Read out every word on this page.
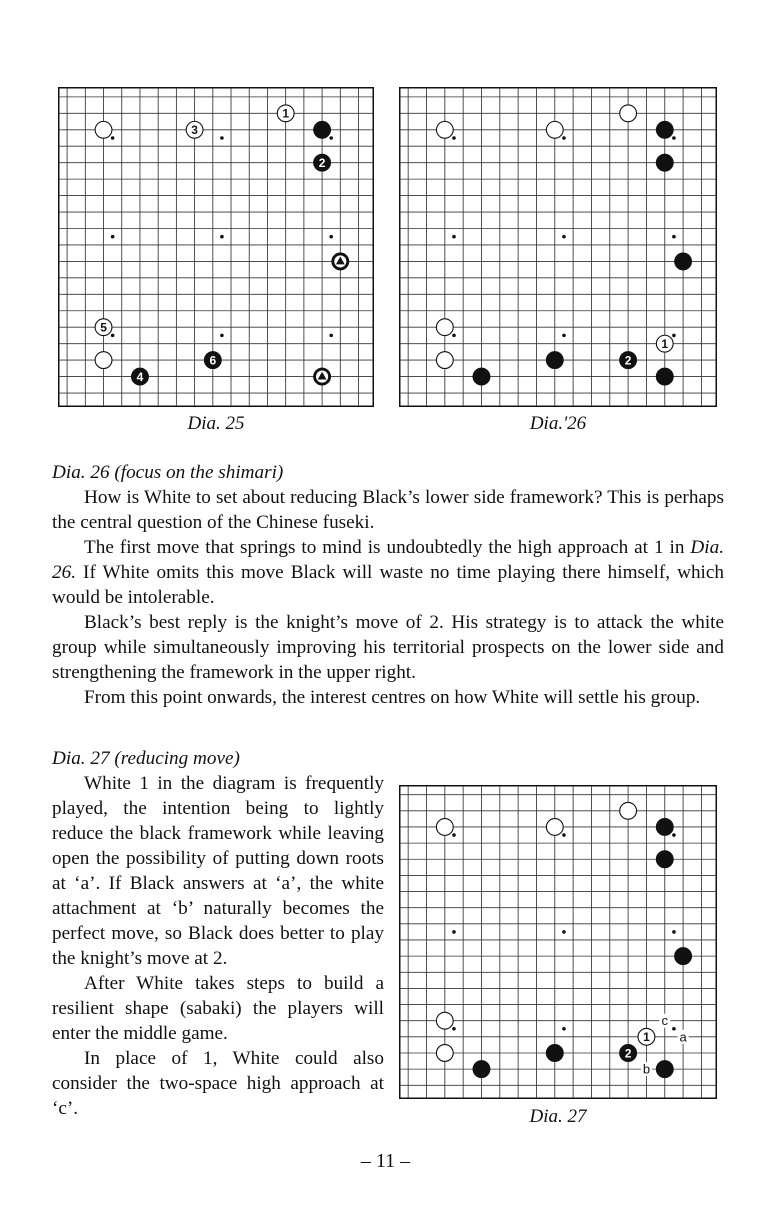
3
1
2
5
4
6
Dia. 25
2
1
Dia.'26

Dia. 26 (focus on the shimari)

How is White to set about reducing Black’s lower side framework? This is perhaps the central question of the Chinese fuseki.

The first move that springs to mind is undoubtedly the high approach at 1 in Dia. 26. If White omits this move Black will waste no time playing there himself, which would be intolerable.

Black’s best reply is the knight’s move of 2. His strategy is to attack the white group while simultaneously improving his territorial prospects on the lower side and strengthening the framework in the upper right.

From this point onwards, the interest centres on how White will settle his group.

Dia. 27 (reducing move)

White 1 in the diagram is frequently played, the intention being to lightly reduce the black framework while leaving open the possibility of putting down roots at ‘a’. If Black answers at ‘a’, the white attachment at ‘b’ naturally becomes the perfect move, so Black does better to play the knight’s move at 2.

After White takes steps to build a resilient shape (sabaki) the players will enter the middle game.

In place of 1, White could also consider the two-space high approach at ‘c’.

2
1
c
a
b
Dia. 27
– 11 –
